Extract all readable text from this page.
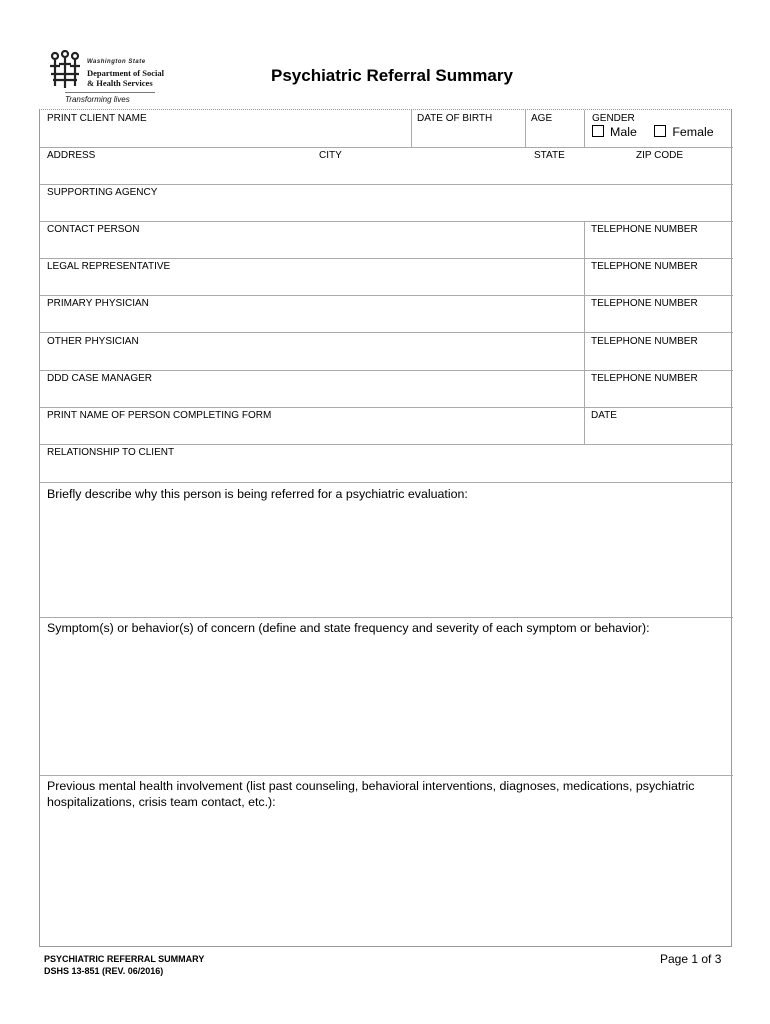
Washington State
Department of Social
& Health Services
Transforming lives
Psychiatric Referral Summary
PRINT CLIENT NAME	DATE OF BIRTH	AGE	GENDER
Male	Female
ADDRESS	CITY	STATE	ZIP CODE
SUPPORTING AGENCY
CONTACT PERSON	TELEPHONE NUMBER
LEGAL REPRESENTATIVE	TELEPHONE NUMBER
PRIMARY PHYSICIAN	TELEPHONE NUMBER
OTHER PHYSICIAN	TELEPHONE NUMBER
DDD CASE MANAGER	TELEPHONE NUMBER
PRINT NAME OF PERSON COMPLETING FORM	DATE
RELATIONSHIP TO CLIENT
Briefly describe why this person is being referred for a psychiatric evaluation:
Symptom(s) or behavior(s) of concern (define and state frequency and severity of each symptom or behavior):
Previous mental health involvement (list past counseling, behavioral interventions, diagnoses, medications, psychiatric hospitalizations, crisis team contact, etc.):
PSYCHIATRIC REFERRAL SUMMARY
DSHS 13-851 (REV. 06/2016)
Page 1 of 3
